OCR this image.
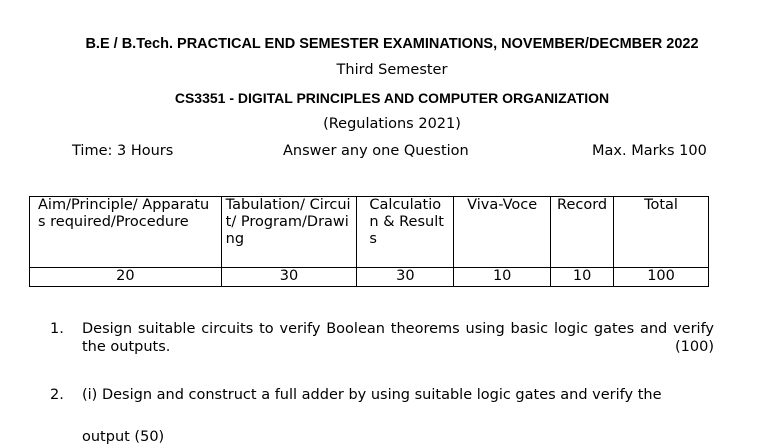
B.E / B.Tech. PRACTICAL END SEMESTER EXAMINATIONS, NOVEMBER/DECMBER 2022
Third Semester
CS3351 - DIGITAL PRINCIPLES AND COMPUTER ORGANIZATION
(Regulations 2021)
Time: 3 Hours	Answer any one Question	Max. Marks 100
Aim/Principle/ Apparatus required/Procedure	Tabulation/ Circuit/ Program/Drawing	Calculation & Results	Viva-Voce	Record	Total
20	30	30	10	10	100
1. Design suitable circuits to verify Boolean theorems using basic logic gates and verify the outputs.	(100)
2. (i) Design and construct a full adder by using suitable logic gates and verify the
output (50)
